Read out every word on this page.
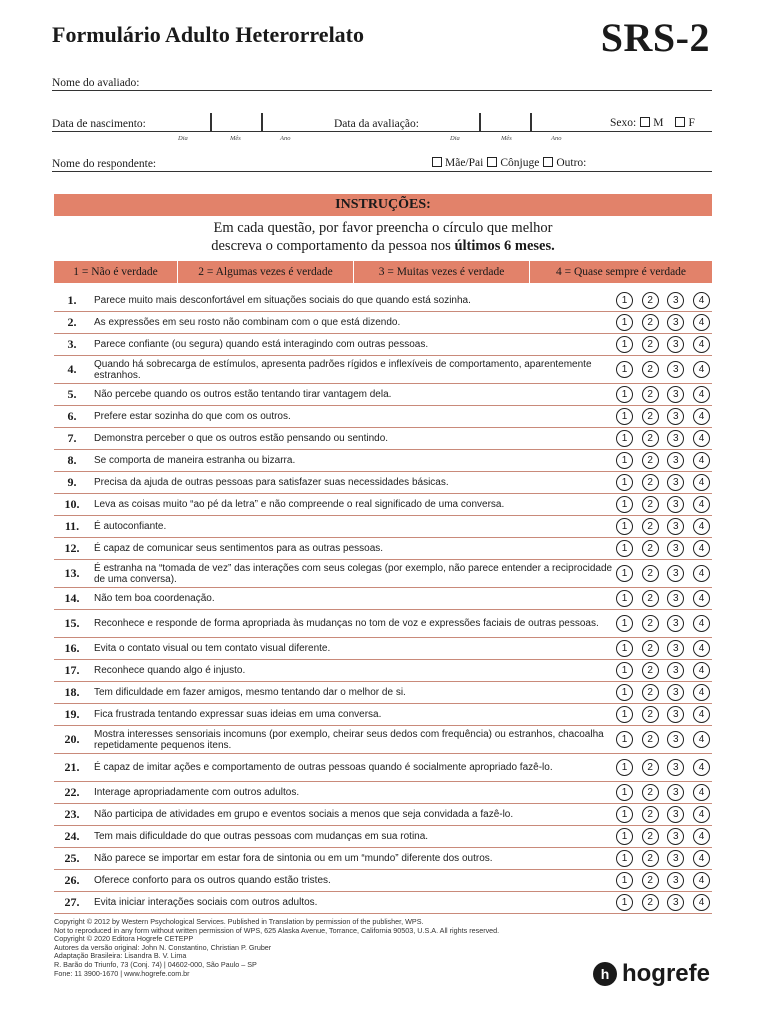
Formulário Adulto Heterorrelato	SRS-2
Nome do avaliado:
Data de nascimento:
Dia	Mês	Ano
Data da avaliação:
Dia	Mês	Ano
Sexo: M F
Nome do respondente:	Mãe/Pai Cônjuge Outro:
INSTRUÇÕES:
Em cada questão, por favor preencha o círculo que melhor
descreva o comportamento da pessoa nos últimos 6 meses.
1 = Não é verdade	2 = Algumas vezes é verdade	3 = Muitas vezes é verdade	4 = Quase sempre é verdade
1.	Parece muito mais desconfortável em situações sociais do que quando está sozinha.	1	2	3	4
2.	As expressões em seu rosto não combinam com o que está dizendo.	1	2	3	4
3.	Parece confiante (ou segura) quando está interagindo com outras pessoas.	1	2	3	4
4.	Quando há sobrecarga de estímulos, apresenta padrões rígidos e inflexíveis de comportamento, aparentemente estranhos.	1	2	3	4
5.	Não percebe quando os outros estão tentando tirar vantagem dela.	1	2	3	4
6.	Prefere estar sozinha do que com os outros.	1	2	3	4
7.	Demonstra perceber o que os outros estão pensando ou sentindo.	1	2	3	4
8.	Se comporta de maneira estranha ou bizarra.	1	2	3	4
9.	Precisa da ajuda de outras pessoas para satisfazer suas necessidades básicas.	1	2	3	4
10.	Leva as coisas muito “ao pé da letra” e não compreende o real significado de uma conversa.	1	2	3	4
11.	É autoconfiante.	1	2	3	4
12.	É capaz de comunicar seus sentimentos para as outras pessoas.	1	2	3	4
13.	É estranha na “tomada de vez” das interações com seus colegas (por exemplo, não parece entender a reciprocidade de uma conversa).	1	2	3	4
14.	Não tem boa coordenação.	1	2	3	4
15.	Reconhece e responde de forma apropriada às mudanças no tom de voz e expressões faciais de outras pessoas.	1	2	3	4
16.	Evita o contato visual ou tem contato visual diferente.	1	2	3	4
17.	Reconhece quando algo é injusto.	1	2	3	4
18.	Tem dificuldade em fazer amigos, mesmo tentando dar o melhor de si.	1	2	3	4
19.	Fica frustrada tentando expressar suas ideias em uma conversa.	1	2	3	4
20.	Mostra interesses sensoriais incomuns (por exemplo, cheirar seus dedos com frequência) ou estranhos, chacoalha repetidamente pequenos itens.	1	2	3	4
21.	É capaz de imitar ações e comportamento de outras pessoas quando é socialmente apropriado fazê-lo.	1	2	3	4
22.	Interage apropriadamente com outros adultos.	1	2	3	4
23.	Não participa de atividades em grupo e eventos sociais a menos que seja convidada a fazê-lo.	1	2	3	4
24.	Tem mais dificuldade do que outras pessoas com mudanças em sua rotina.	1	2	3	4
25.	Não parece se importar em estar fora de sintonia ou em um “mundo” diferente dos outros.	1	2	3	4
26.	Oferece conforto para os outros quando estão tristes.	1	2	3	4
27.	Evita iniciar interações sociais com outros adultos.	1	2	3	4
Copyright © 2012 by Western Psychological Services. Published in Translation by permission of the publisher, WPS.
Not to reproduced in any form without written permission of WPS, 625 Alaska Avenue, Torrance, California 90503, U.S.A. All rights reserved.
Copyright © 2020 Editora Hogrefe CETEPP
Autores da versão original: John N. Constantino, Christian P. Gruber
Adaptação Brasileira: Lisandra B. V. Lima
R. Barão do Triunfo, 73 (Conj. 74) | 04602-000, São Paulo – SP
Fone: 11 3900-1670 | www.hogrefe.com.br	h hogrefe
